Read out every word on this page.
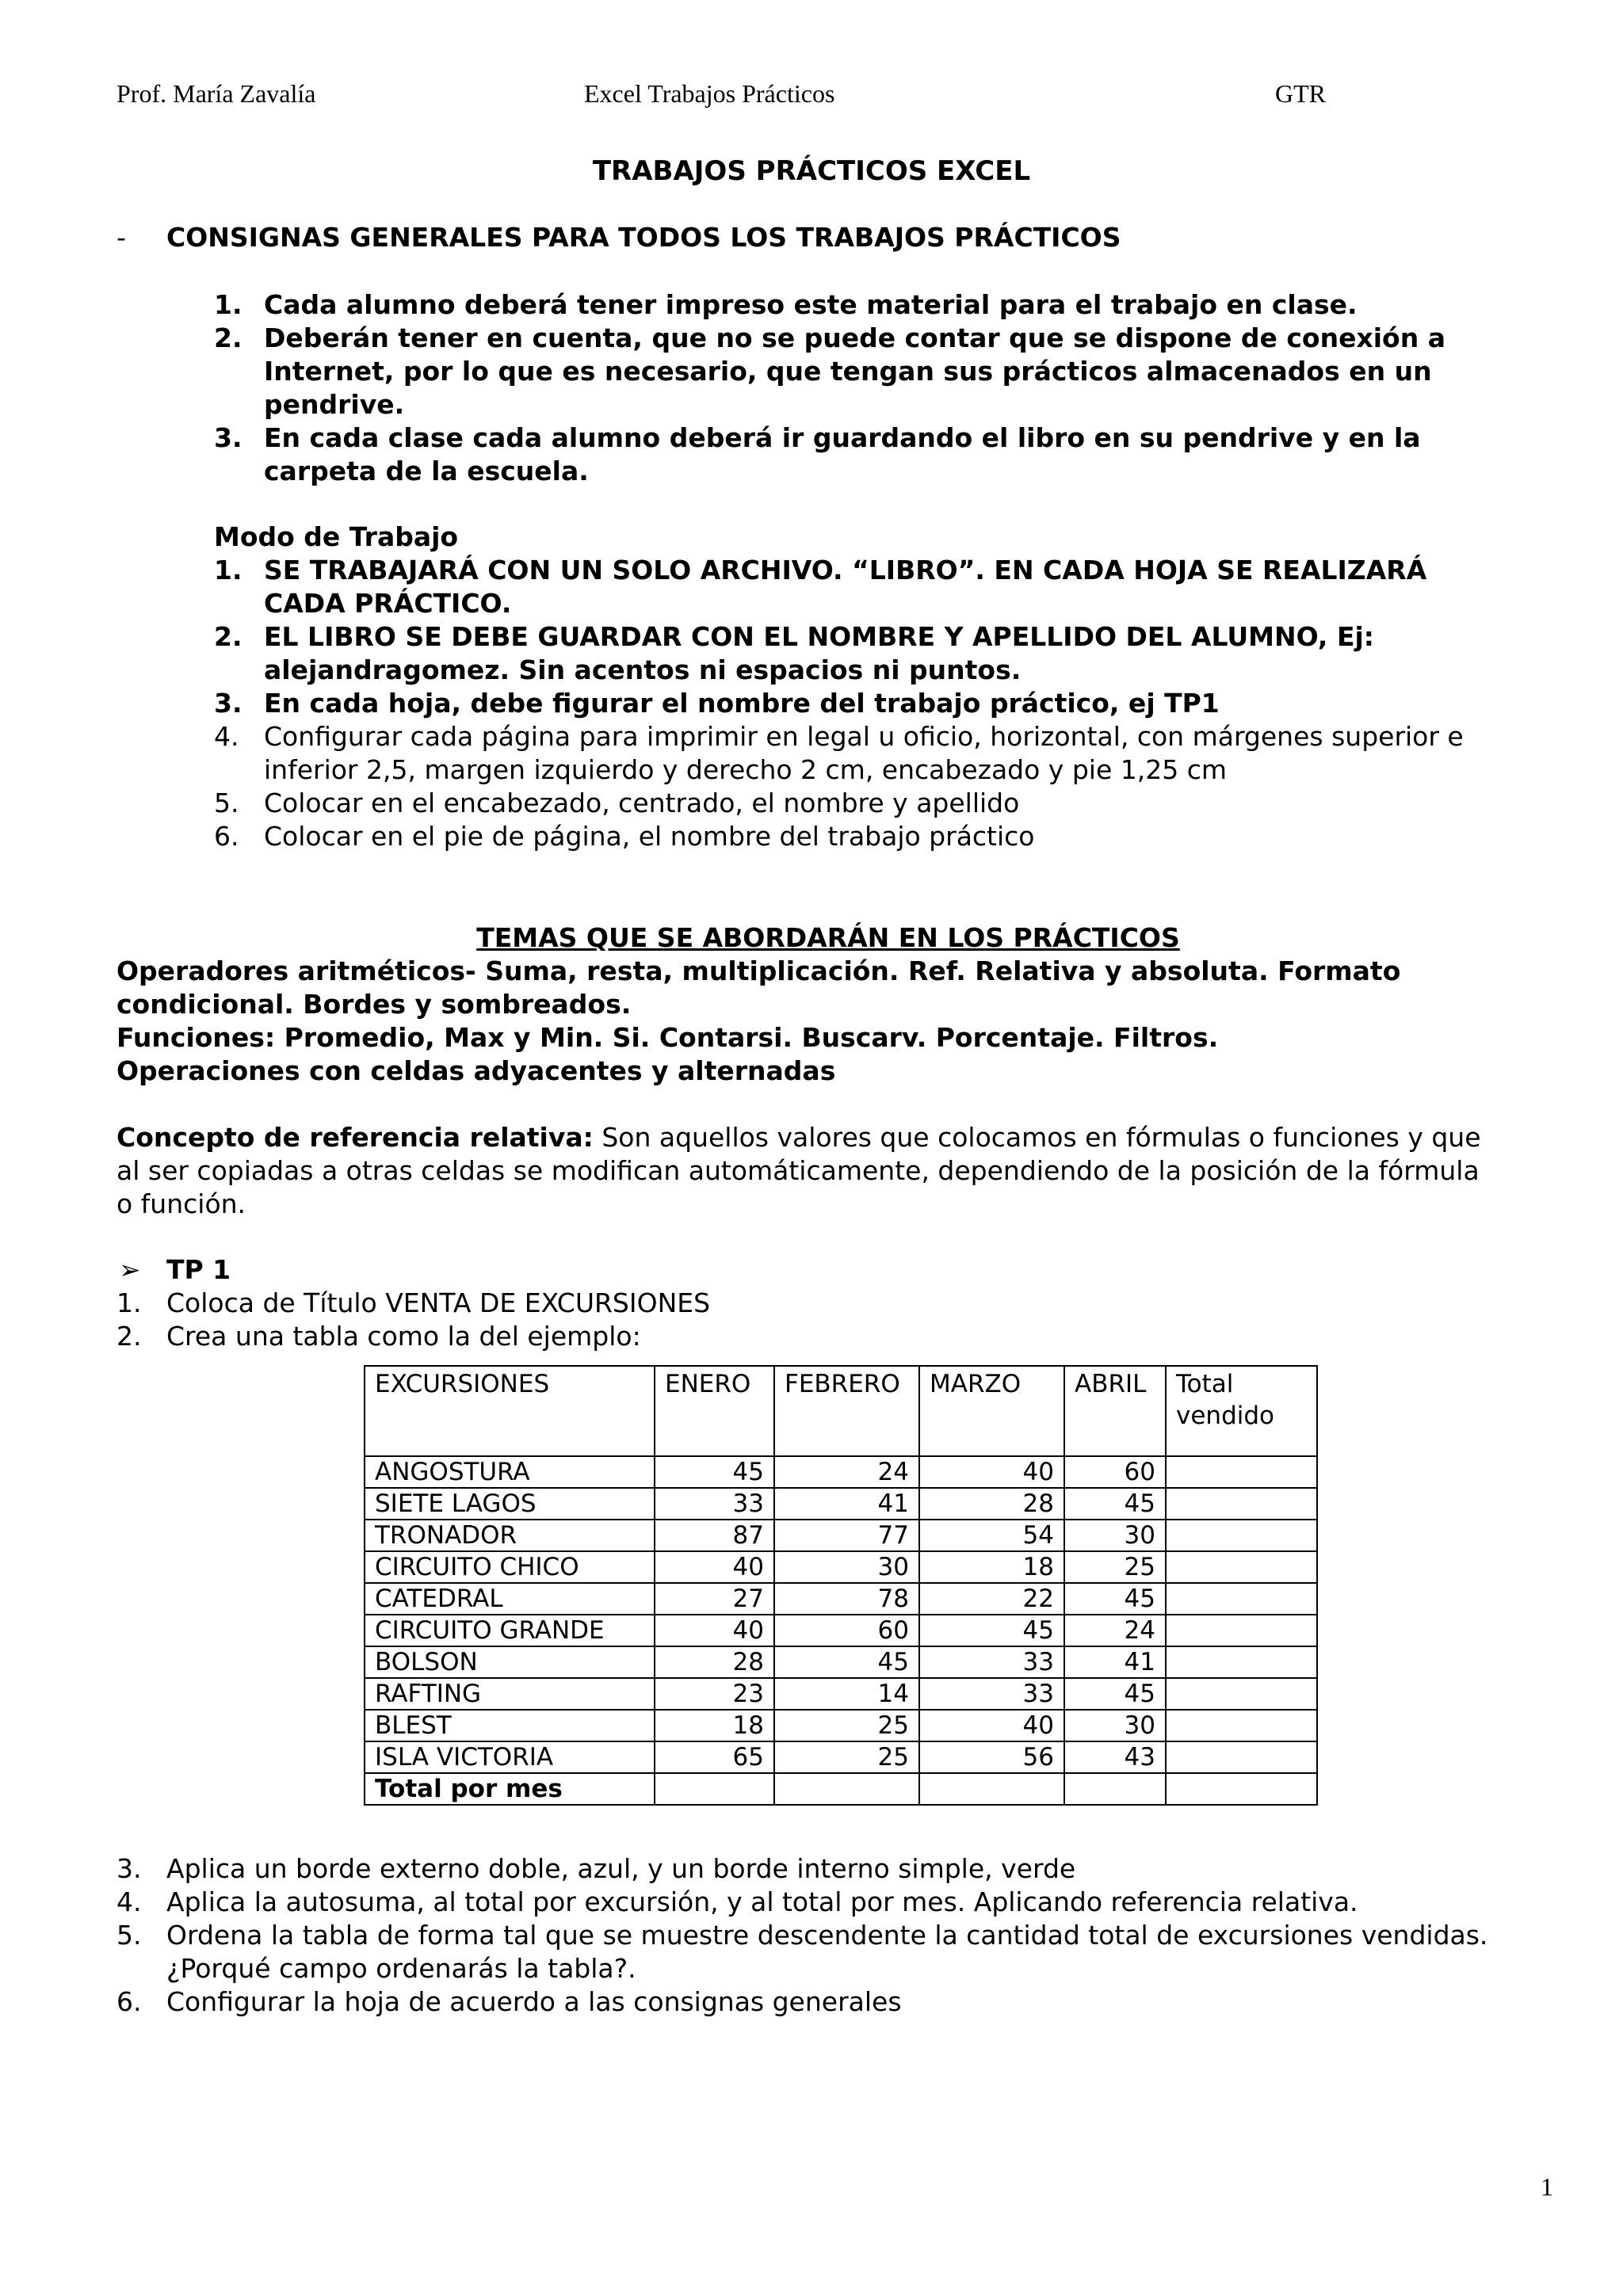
Prof. María Zavalía	Excel Trabajos Prácticos	GTR
TRABAJOS PRÁCTICOS EXCEL
- CONSIGNAS GENERALES PARA TODOS LOS TRABAJOS PRÁCTICOS
1. Cada alumno deberá tener impreso este material para el trabajo en clase.
2. Deberán tener en cuenta, que no se puede contar que se dispone de conexión a
Internet, por lo que es necesario, que tengan sus prácticos almacenados en un
pendrive.
3. En cada clase cada alumno deberá ir guardando el libro en su pendrive y en la
carpeta de la escuela.
Modo de Trabajo
1. SE TRABAJARÁ CON UN SOLO ARCHIVO. “LIBRO”. EN CADA HOJA SE REALIZARÁ
CADA PRÁCTICO.
2. EL LIBRO SE DEBE GUARDAR CON EL NOMBRE Y APELLIDO DEL ALUMNO, Ej:
alejandragomez. Sin acentos ni espacios ni puntos.
3. En cada hoja, debe figurar el nombre del trabajo práctico, ej TP1
4. Configurar cada página para imprimir en legal u oficio, horizontal, con márgenes superior e
inferior 2,5, margen izquierdo y derecho 2 cm, encabezado y pie 1,25 cm
5. Colocar en el encabezado, centrado, el nombre y apellido
6. Colocar en el pie de página, el nombre del trabajo práctico
TEMAS QUE SE ABORDARÁN EN LOS PRÁCTICOS
Operadores aritméticos- Suma, resta, multiplicación. Ref. Relativa y absoluta. Formato
condicional. Bordes y sombreados.
Funciones: Promedio, Max y Min. Si. Contarsi. Buscarv. Porcentaje. Filtros.
Operaciones con celdas adyacentes y alternadas
Concepto de referencia relativa: Son aquellos valores que colocamos en fórmulas o funciones y que
al ser copiadas a otras celdas se modifican automáticamente, dependiendo de la posición de la fórmula
o función.
➢ TP 1
1. Coloca de Título VENTA DE EXCURSIONES
2. Crea una tabla como la del ejemplo:
EXCURSIONES	ENERO	FEBRERO	MARZO	ABRIL	Total vendido
ANGOSTURA	45	24	40	60	
SIETE LAGOS	33	41	28	45	
TRONADOR	87	77	54	30	
CIRCUITO CHICO	40	30	18	25	
CATEDRAL	27	78	22	45	
CIRCUITO GRANDE	40	60	45	24	
BOLSON	28	45	33	41	
RAFTING	23	14	33	45	
BLEST	18	25	40	30	
ISLA VICTORIA	65	25	56	43	
Total por mes					
3. Aplica un borde externo doble, azul, y un borde interno simple, verde
4. Aplica la autosuma, al total por excursión, y al total por mes. Aplicando referencia relativa.
5. Ordena la tabla de forma tal que se muestre descendente la cantidad total de excursiones vendidas.
¿Porqué campo ordenarás la tabla?.
6. Configurar la hoja de acuerdo a las consignas generales
1
